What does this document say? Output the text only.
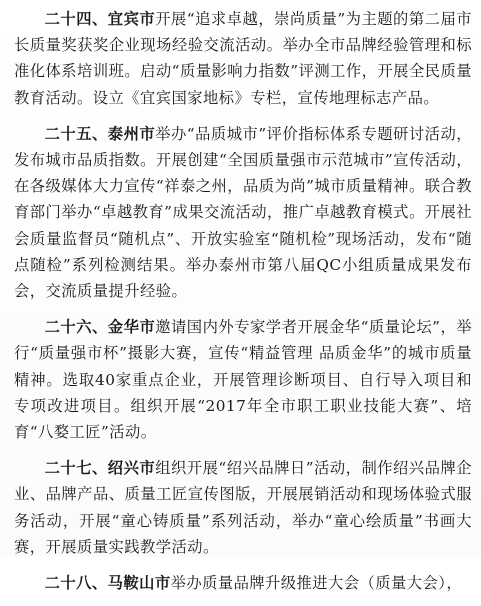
二十四、宜宾市开展“追求卓越，崇尚质量”为主题的第二届市长质量奖获奖企业现场经验交流活动。举办全市品牌经验管理和标准化体系培训班。启动“质量影响力指数”评测工作，开展全民质量教育活动。设立《宜宾国家地标》专栏，宣传地理标志产品。

二十五、泰州市举办“品质城市”评价指标体系专题研讨活动，发布城市品质指数。开展创建“全国质量强市示范城市”宣传活动，在各级媒体大力宣传“祥泰之州，品质为尚”城市质量精神。联合教育部门举办“卓越教育”成果交流活动，推广卓越教育模式。开展社会质量监督员“随机点”、开放实验室“随机检”现场活动，发布“随点随检”系列检测结果。举办泰州市第八届QC小组质量成果发布会，交流质量提升经验。

二十六、金华市邀请国内外专家学者开展金华“质量论坛”，举行“质量强市杯”摄影大赛，宣传“精益管理 品质金华”的城市质量精神。选取40家重点企业，开展管理诊断项目、自行导入项目和专项改进项目。组织开展“2017年全市职工职业技能大赛”、培育“八婺工匠”活动。

二十七、绍兴市组织开展“绍兴品牌日”活动，制作绍兴品牌企业、品牌产品、质量工匠宣传图版，开展展销活动和现场体验式服务活动，开展“童心铸质量”系列活动，举办“童心绘质量”书画大赛，开展质量实践教学活动。

二十八、马鞍山市举办质量品牌升级推进大会（质量大会），
